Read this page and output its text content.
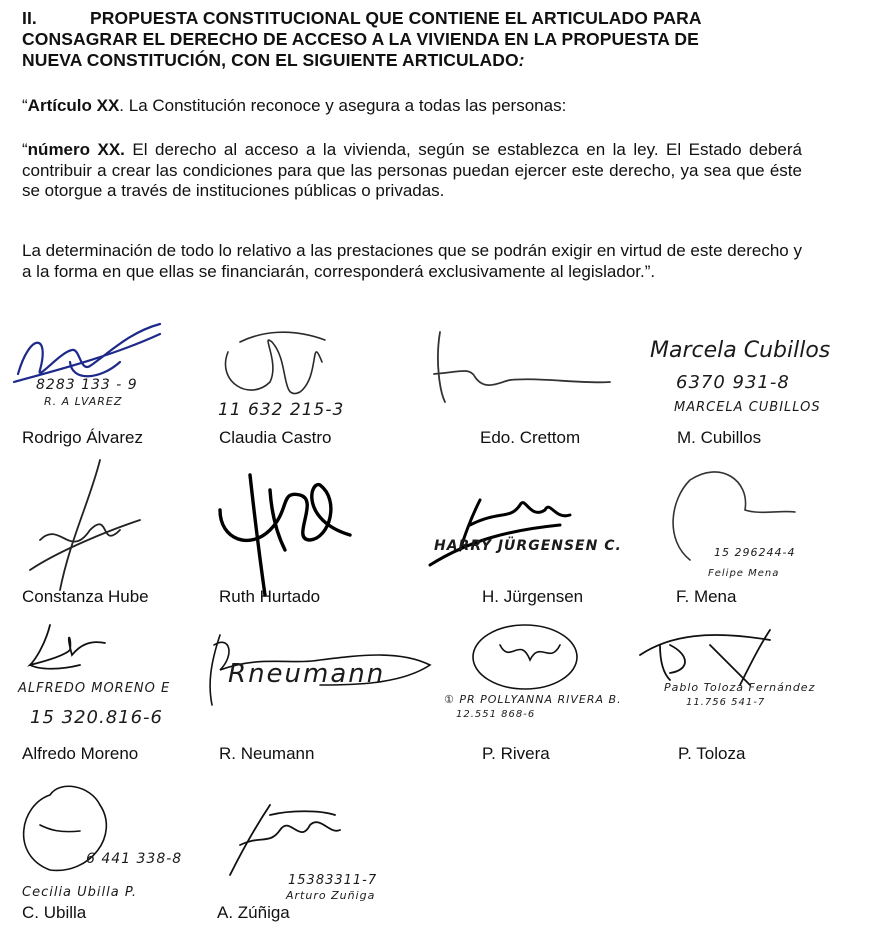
II.	PROPUESTA CONSTITUCIONAL QUE CONTIENE EL ARTICULADO PARA
CONSAGRAR EL DERECHO DE ACCESO A LA VIVIENDA EN LA PROPUESTA DE
NUEVA CONSTITUCIÓN, CON EL SIGUIENTE ARTICULADO:
“Artículo XX. La Constitución reconoce y asegura a todas las personas:
“número XX. El derecho al acceso a la vivienda, según se establezca en la ley. El Estado deberá contribuir a crear las condiciones para que las personas puedan ejercer este derecho, ya sea que éste se otorgue a través de instituciones públicas o privadas.
La determinación de todo lo relativo a las prestaciones que se podrán exigir en virtud de este derecho y a la forma en que ellas se financiarán, corresponderá exclusivamente al legislador.”.
8283 133 - 9
R. A LVAREZ
Rodrigo Álvarez
11 632 215-3
Claudia Castro	Edo. Crettom
Marcela Cubillos
6370 931-8
MARCELA CUBILLOS
M. Cubillos
Constanza Hube	Ruth Hurtado
HARRY JÜRGENSEN C.
H. Jürgensen
15 296244-4
Felipe Mena
F. Mena
ALFREDO MORENO E
15 320.816-6
Alfredo Moreno
Rneumann
R. Neumann
① PR POLLYANNA RIVERA B.
12.551 868-6
P. Rivera
Pablo Toloza Fernández
11.756 541-7
P. Toloza
6 441 338-8
Cecilia Ubilla P.
C. Ubilla
15383311-7
Arturo Zuñiga
A. Zúñiga
